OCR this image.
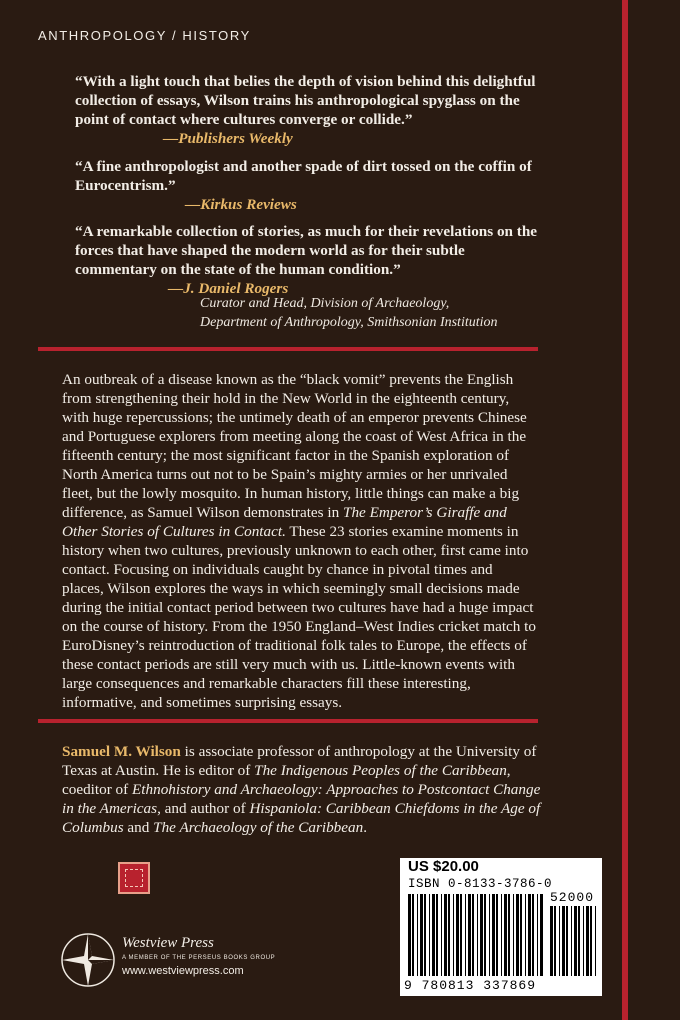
ANTHROPOLOGY / HISTORY
“With a light touch that belies the depth of vision behind this delightful collection of essays, Wilson trains his anthropological spyglass on the point of contact where cultures converge or collide.”
—Publishers Weekly
“A fine anthropologist and another spade of dirt tossed on the coffin of Eurocentrism.”
—Kirkus Reviews
“A remarkable collection of stories, as much for their revelations on the forces that have shaped the modern world as for their subtle commentary on the state of the human condition.”
—J. Daniel Rogers
Curator and Head, Division of Archaeology,
Department of Anthropology, Smithsonian Institution

An outbreak of a disease known as the “black vomit” prevents the English from strengthening their hold in the New World in the eighteenth century, with huge repercussions; the untimely death of an emperor prevents Chinese and Portuguese explorers from meeting along the coast of West Africa in the fifteenth century; the most significant factor in the Spanish exploration of North America turns out not to be Spain’s mighty armies or her unrivaled fleet, but the lowly mosquito. In human history, little things can make a big difference, as Samuel Wilson demonstrates in The Emperor’s Giraffe and Other Stories of Cultures in Contact. These 23 stories examine moments in history when two cultures, previously unknown to each other, first came into contact. Focusing on individuals caught by chance in pivotal times and places, Wilson explores the ways in which seemingly small decisions made during the initial contact period between two cultures have had a huge impact on the course of history. From the 1950 England–West Indies cricket match to EuroDisney’s reintroduction of traditional folk tales to Europe, the effects of these contact periods are still very much with us. Little-known events with large consequences and remarkable characters fill these interesting, informative, and sometimes surprising essays.

Samuel M. Wilson is associate professor of anthropology at the University of Texas at Austin. He is editor of The Indigenous Peoples of the Caribbean, coeditor of Ethnohistory and Archaeology: Approaches to Postcontact Change in the Americas, and author of Hispaniola: Caribbean Chiefdoms in the Age of Columbus and The Archaeology of the Caribbean.

Westview Press
A MEMBER OF THE PERSEUS BOOKS GROUP
www.westviewpress.com
US $20.00
ISBN 0-8133-3786-0
52000
9 780813 337869
